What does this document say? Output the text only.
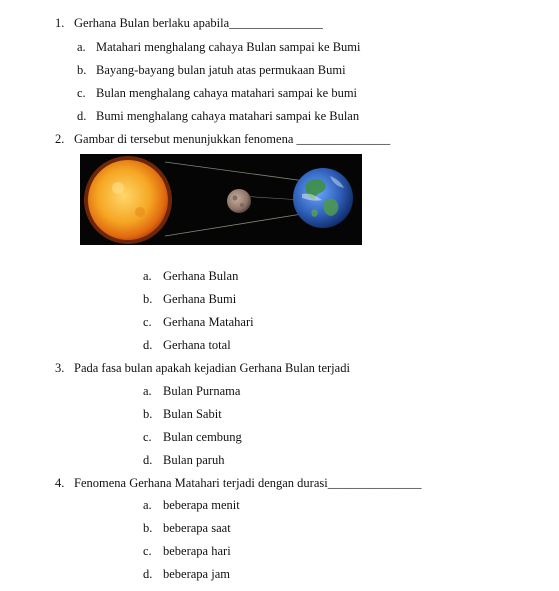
1. Gerhana Bulan berlaku apabila_______________
a. Matahari menghalang cahaya Bulan sampai ke Bumi
b. Bayang-bayang bulan jatuh atas permukaan Bumi
c. Bulan menghalang cahaya matahari sampai ke bumi
d. Bumi menghalang cahaya matahari sampai ke Bulan
2. Gambar di tersebut menunjukkan fenomena _______________
a. Gerhana Bulan
b. Gerhana Bumi
c. Gerhana Matahari
d. Gerhana total
3. Pada fasa bulan apakah kejadian Gerhana Bulan terjadi
a. Bulan Purnama
b. Bulan Sabit
c. Bulan cembung
d. Bulan paruh
4. Fenomena Gerhana Matahari terjadi dengan durasi_______________
a. beberapa menit
b. beberapa saat
c. beberapa hari
d. beberapa jam
